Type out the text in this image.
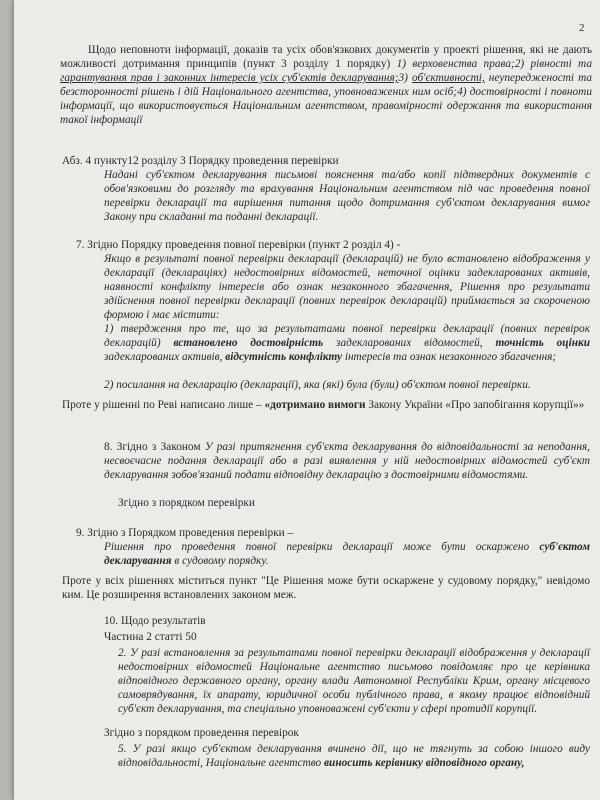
2
Щодо неповноти інформації, доказів та усіх обов'язкових документів у проекті рішення, які не дають можливості дотримання принципів (пункт 3 розділу 1 порядку) 1) верховенства права;2) рівності та гарантування прав і законних інтересів усіх суб'єктів декларування;3) об'єктивності, неупередженості та безсторонності рішень і дій Національного агентства, уповноважених ним осіб;4) достовірності і повноти інформації, що використовується Національним агентством, правомірності одержання та використання такої інформації
Абз. 4 пункту12 розділу 3 Порядку проведення перевірки
Надані суб'єктом декларування письмові пояснення та/або копії підтвердних документів с обов'язковими до розгляду та врахування Національним агентством під час проведення повної перевірки декларації та вирішення питання щодо дотримання суб'єктом декларування вимог Закону при складанні та поданні декларації.
7. Згідно Порядку проведення повної перевірки (пункт 2 розділ 4) -
Якщо в результаті повної перевірки декларації (декларацій) не було встановлено відображення у декларації (деклараціях) недостовірних відомостей, неточної оцінки задекларованих активів, наявності конфлікту інтересів або ознак незаконного збагачення, Рішення про результати здійснення повної перевірки декларації (повних перевірок декларацій) приймається за скороченою формою і має містити:
1) твердження про те, що за результатами повної перевірки декларації (повних перевірок декларацій) встановлено достовірність задекларованих відомостей, точність оцінки задекларованих активів, відсутність конфлікту інтересів та ознак незаконного збагачення;
2) посилання на декларацію (декларації), яка (які) була (були) об'єктом повної перевірки.
Проте у рішенні по Реві написано лише – «дотримано вимоги Закону України «Про запобігання корупції»»
8. Згідно з Законом У разі притягнення суб'єкта декларування до відповідальності за неподання, несвоєчасне подання декларації або в разі виявлення у ній недостовірних відомостей суб'єкт декларування зобов'язаний подати відповідну декларацію з достовірними відомостями.
Згідно з порядком перевірки
9. Згідно з Порядком проведення перевірки –
Рішення про проведення повної перевірки декларації може бути оскаржено суб'єктом декларування в судовому порядку.
Проте у всіх рішеннях міститься пункт "Це Рішення може бути оскаржене у судовому порядку," невідомо ким. Це розширення встановлених законом меж.
10. Щодо результатів
Частина 2 статті 50
2. У разі встановлення за результатами повної перевірки декларації відображення у декларації недостовірних відомостей Національне агентство письмово повідомляє про це керівника відповідного державного органу, органу влади Автономної Республіки Крим, органу місцевого самоврядування, їх апарату, юридичної особи публічного права, в якому працює відповідний суб'єкт декларування, та спеціально уповноважені суб'єкти у сфері протидії корупції.
Згідно з порядком проведення перевірок
5. У разі якщо суб'єктом декларування вчинено дії, що не тягнуть за собою іншого виду відповідальності, Національне агентство виносить керівнику відповідного органу,
